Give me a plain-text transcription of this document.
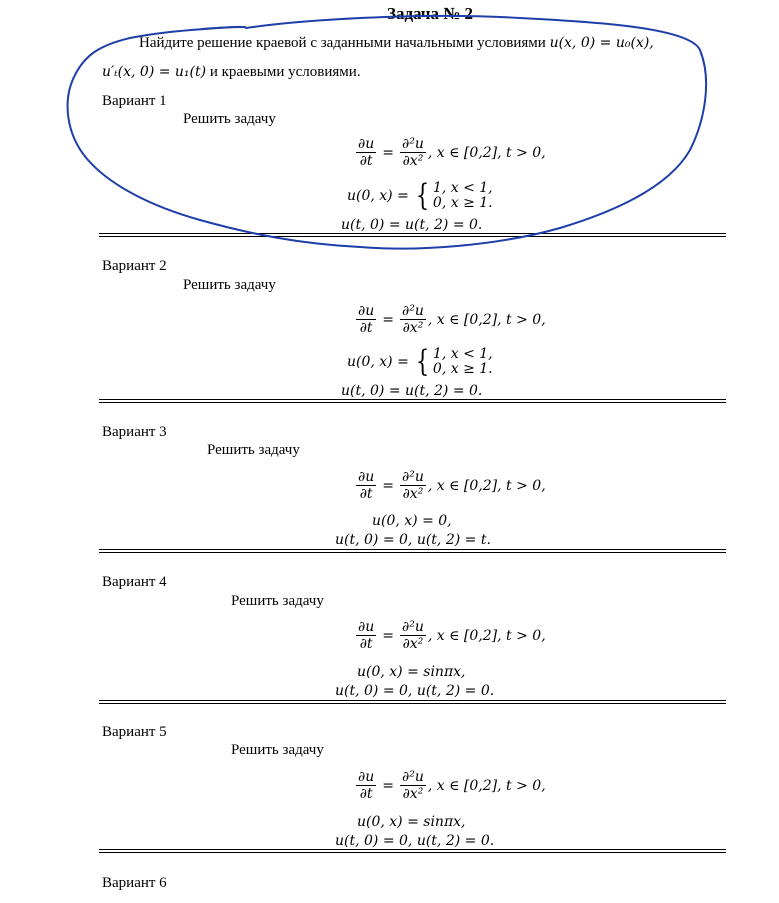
Задача № 2
Найдите решение краевой с заданными начальными условиями u(x, 0) = u₀(x),
u′ₜ(x, 0) = u₁(t) и краевыми условиями.
Вариант 1
Решить задачу
$\frac{\partial u}{\partial t} = \frac{\text{∂²u}}{\text{∂x²}}$ , x ∈ [0,2], t > 0,
u(0, x) = { 1, x < 1,
0, x ≥ 1.
u(t, 0) = u(t, 2) = 0.
Вариант 2
Решить задачу
$\frac{\partial u}{\partial t} = \frac{\text{∂²u}}{\text{∂x²}}$ , x ∈ [0,2], t > 0,
u(0, x) = { 1, x < 1,
0, x ≥ 1.
u(t, 0) = u(t, 2) = 0.
Вариант 3
Решить задачу
$\frac{\partial u}{\partial t} = \frac{\text{∂²u}}{\text{∂x²}}$ , x ∈ [0,2], t > 0,
u(0, x) = 0,
u(t, 0) = 0, u(t, 2) = t.
Вариант 4
Решить задачу
$\frac{\partial u}{\partial t} = \frac{\text{∂²u}}{\text{∂x²}}$ , x ∈ [0,2], t > 0,
u(0, x) = sinπx,
u(t, 0) = 0, u(t, 2) = 0.
Вариант 5
Решить задачу
$\frac{\partial u}{\partial t} = \frac{\text{∂²u}}{\text{∂x²}}$ , x ∈ [0,2], t > 0,
u(0, x) = sinπx,
u(t, 0) = 0, u(t, 2) = 0.
Вариант 6
